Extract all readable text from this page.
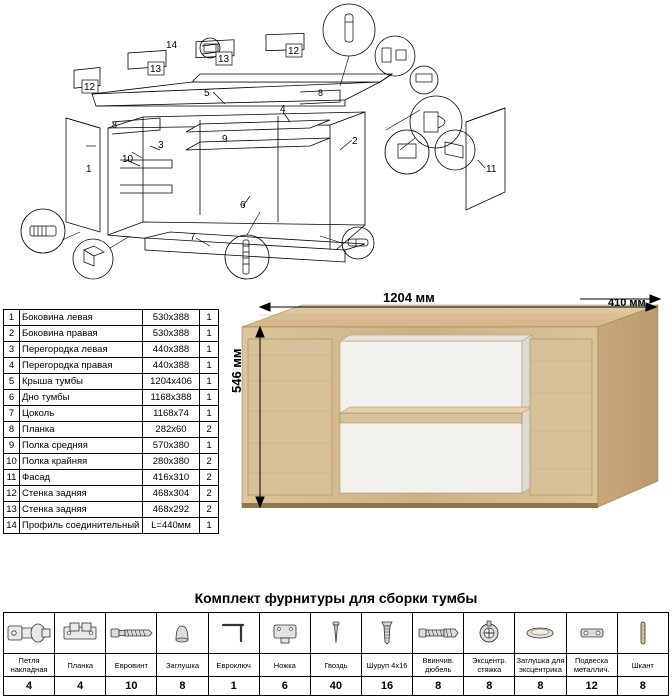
12
13
13
12
14
5
4
9	2
1
8
8
3
10
6
7
11
1	Боковина левая	530х388	1
2	Боковина правая	530х388	1
3	Перегородка левая	440х388	1
4	Перегородка правая	440х388	1
5	Крыша тумбы	1204х406	1
6	Дно тумбы	1168х388	1
7	Цоколь	1168х74	1
8	Планка	282х60	2
9	Полка средняя	570х380	1
10	Полка крайняя	280х380	2
11	Фасад	416х310	2
12	Стенка задняя	468х304	2
13	Стенка задняя	468х292	2
14	Профиль соединительный	L=440мм	1
1204 мм	410 мм
546 мм
Комплект фурнитуры для сборки тумбы

Петля накладная	Планка	Евровинт	Заглушка	Евроключ	Ножка	Гвоздь	Шуруп 4х16	Ввинчив. дюбель	Эксцентр. стяжка	Заглушка для эксцентрика	Подвеска металлич.	Шкант
4	4	10	8	1	6	40	16	8	8	8	12	8
